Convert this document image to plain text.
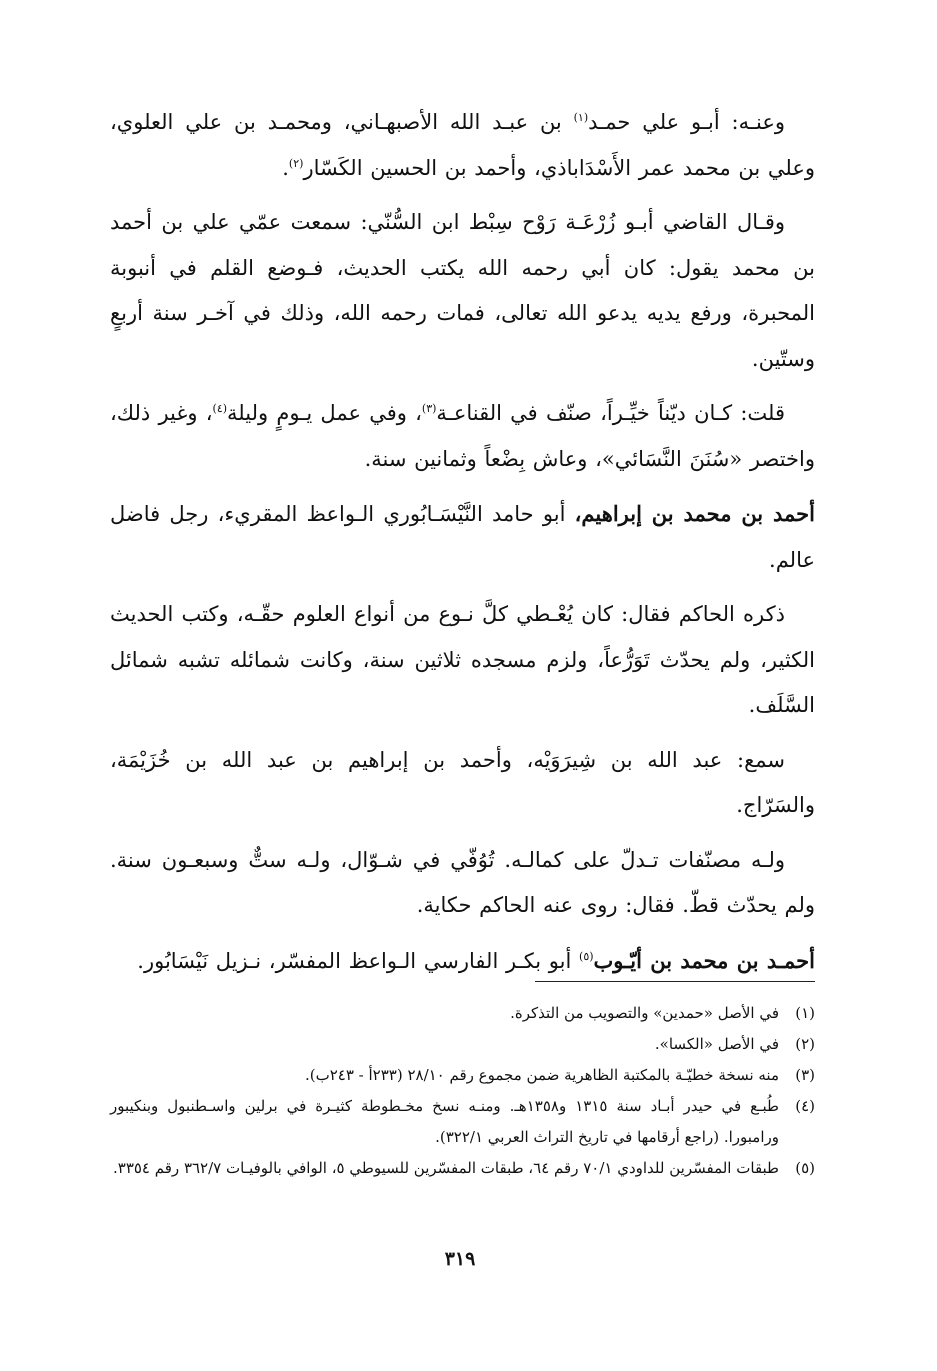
وعنـه: أبـو علي حمـد$^{(١)}$ بن عبـد الله الأصبهـاني، ومحمـد بن علي العلوي، وعلي بن محمد عمر الأَسْدَاباذي، وأحمد بن الحسين الكَسّار$^{(٢)}$.

وقـال القاضي أبـو زُرْعَـة رَوْح سِبْط ابن السُّنّي: سمعت عمّي علي بن أحمد بن محمد يقول: كان أبي رحمه الله يكتب الحديث، فـوضع القلم في أنبوبة المحبرة، ورفع يديه يدعو الله تعالى، فمات رحمه الله، وذلك في آخـر سنة أربعٍ وستّين.

قلت: كـان ديّناً خيِّـراً، صنّف في القناعـة$^{(٣)}$، وفي عمل يـومٍ وليلة$^{(٤)}$، وغير ذلك، واختصر «سُنَنَ النَّسَائي»، وعاش بِضْعاً وثمانين سنة.

أحمد بن محمد بن إبراهيم، أبو حامد النَّيْسَـابُوري الـواعظ المقريء، رجل فاضل عالم.

ذكره الحاكم فقال: كان يُعْـطي كلَّ نـوع من أنواع العلوم حقّـه، وكتب الحديث الكثير، ولم يحدّث تَوَرُّعاً، ولزم مسجده ثلاثين سنة، وكانت شمائله تشبه شمائل السَّلَف.

سمع: عبد الله بن شِيرَوَيْه، وأحمد بن إبراهيم بن عبد الله بن خُزَيْمَة، والسَرّاج.

ولـه مصنّفات تـدلّ على كمالـه. تُوُفّي في شـوّال، ولـه ستٌّ وسبعـون سنة. ولم يحدّث قطّ. فقال: روى عنه الحاكم حكاية.

أحمـد بن محمد بن أيّـوب$^{(٥)}$ أبو بكـر الفارسي الـواعظ المفسّر، نـزيل نَيْسَابُور.

(١)
في الأصل «حمدين» والتصويب من التذكرة.
(٢)
في الأصل «الكسا».
(٣)
منه نسخة خطيّـة بالمكتبة الظاهرية ضمن مجموع رقم ٢٨/١٠ (٢٣٣أ - ٢٤٣ب).
(٤)
طُبـع في حيدر أبـاد سنة ١٣١٥ و١٣٥٨هـ. ومنـه نسخ مخـطوطة كثيـرة في برلين واسـطنبول وبنكيبور ورامبورا. (راجع أرقامها في تاريخ التراث العربي ٣٢٢/١).
(٥)
طبقات المفسّرين للداودي ٧٠/١ رقم ٦٤، طبقات المفسّرين للسيوطي ٥، الوافي بالوفيـات ٣٦٢/٧ رقم ٣٣٥٤.
٣١٩
